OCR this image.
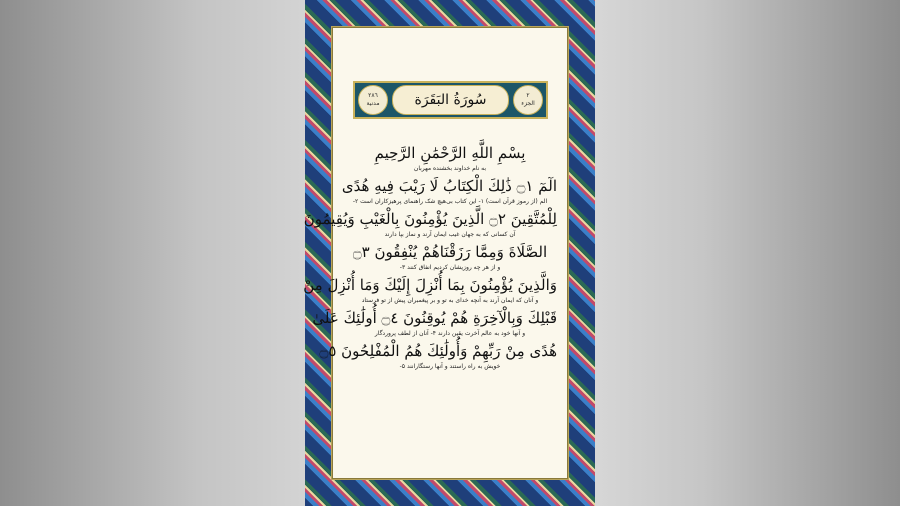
٢٨٦
مدنية	سُورَةُ البَقَرَة	٢
الجزء
بِسْمِ اللَّهِ الرَّحْمَٰنِ الرَّحِيمِ
به نام خداوند بخشنده مهربان
الٓمٓ ۝١ ذَٰلِكَ الْكِتَابُ لَا رَيْبَ فِيهِ هُدًى
الم (از رموز قرآن است) ۱- این کتاب بی‌هیچ شک راهنمای پرهیزکاران است ۲-
لِلْمُتَّقِينَ ۝٢ الَّذِينَ يُؤْمِنُونَ بِالْغَيْبِ وَيُقِيمُونَ
آن کسانی که به جهان غیب ایمان آرند و نماز بپا دارند
الصَّلَاةَ وَمِمَّا رَزَقْنَاهُمْ يُنْفِقُونَ ۝٣
و از هر چه روزیشان کردیم انفاق کنند ۳-
وَالَّذِينَ يُؤْمِنُونَ بِمَا أُنْزِلَ إِلَيْكَ وَمَا أُنْزِلَ مِنْ
و آنان که ایمان آرند به آنچه خدای به تو و بر پیغمبران پیش از تو فرستاد
قَبْلِكَ وَبِالْآخِرَةِ هُمْ يُوقِنُونَ ۝٤ أُولَٰئِكَ عَلَىٰ
و آنها خود به عالم آخرت یقین دارند ۴- آنان از لطف پروردگار
هُدًى مِنْ رَبِّهِمْ وَأُولَٰئِكَ هُمُ الْمُفْلِحُونَ ۝٥
خویش به راه راستند و آنها رستگارانند ۵-
